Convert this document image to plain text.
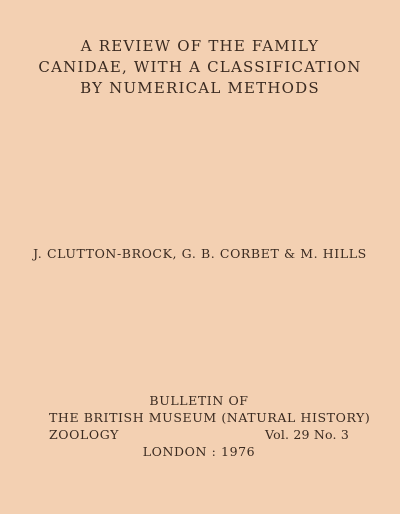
A REVIEW OF THE FAMILY
CANIDAE, WITH A CLASSIFICATION
BY NUMERICAL METHODS
J. CLUTTON-BROCK, G. B. CORBET & M. HILLS
BULLETIN OF
THE BRITISH MUSEUM (NATURAL HISTORY)
ZOOLOGY	Vol. 29 No. 3
LONDON : 1976
